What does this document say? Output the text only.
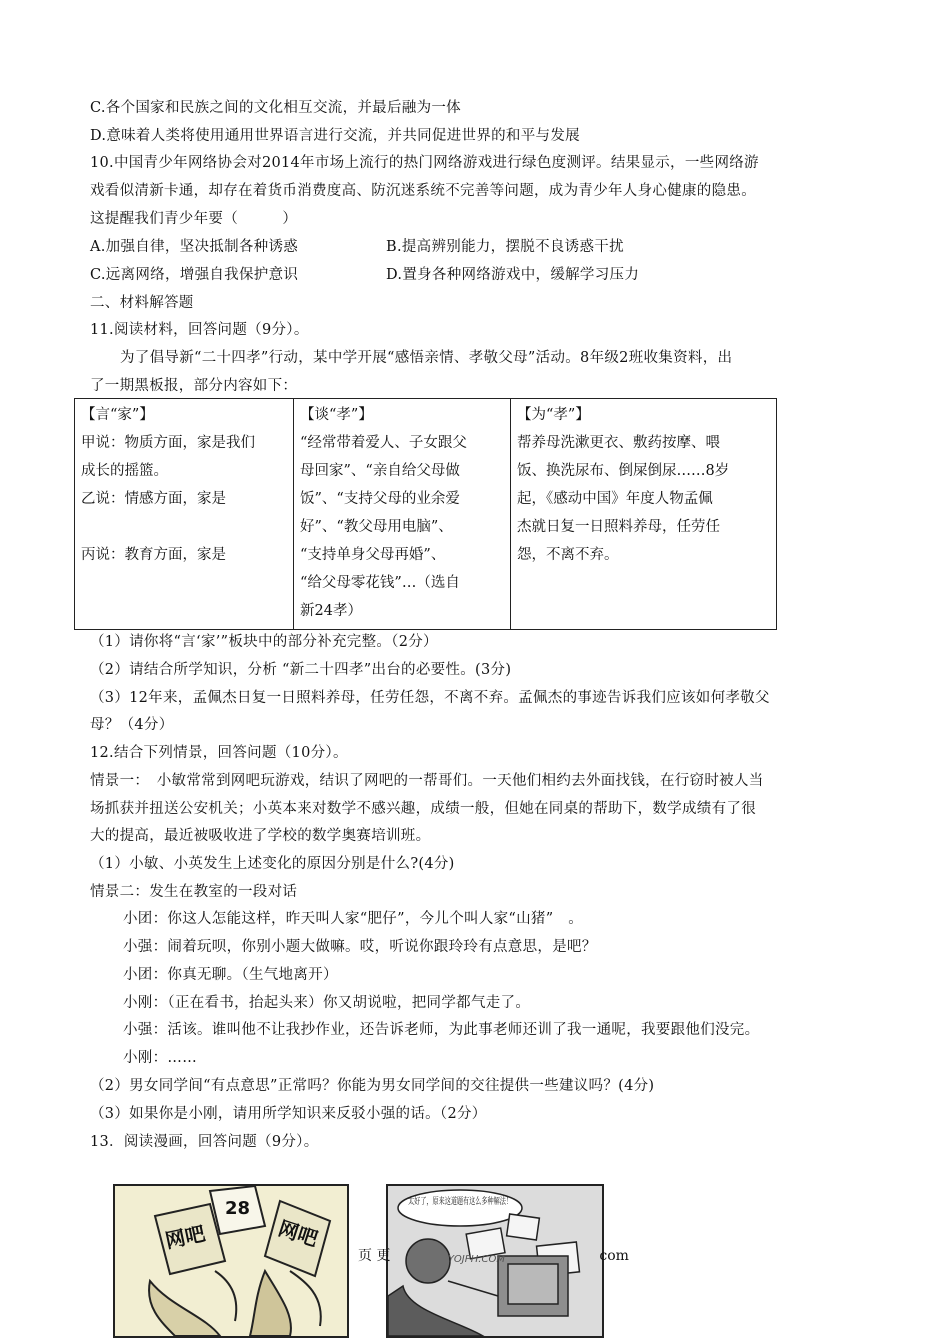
C.各个国家和民族之间的文化相互交流，并最后融为一体
D.意味着人类将使用通用世界语言进行交流，并共同促进世界的和平与发展
10.中国青少年网络协会对2014年市场上流行的热门网络游戏进行绿色度测评。结果显示，一些网络游
戏看似清新卡通，却存在着货币消费度高、防沉迷系统不完善等问题，成为青少年人身心健康的隐患。
这提醒我们青少年要（　　　）
A.加强自律，坚决抵制各种诱惑	B.提高辨别能力，摆脱不良诱惑干扰
C.远离网络，增强自我保护意识	D.置身各种网络游戏中，缓解学习压力
二、材料解答题
11.阅读材料，回答问题（9分）。
为了倡导新“二十四孝”行动，某中学开展“感悟亲情、孝敬父母”活动。8年级2班收集资料，出
了一期黑板报，部分内容如下：
【言“家”】
甲说：物质方面，家是我们
成长的摇篮。
乙说：情感方面，家是
丙说：教育方面，家是

【谈“孝”】
“经常带着爱人、子女跟父
母回家”、“亲自给父母做
饭”、“支持父母的业余爱
好”、“教父母用电脑”、
“支持单身父母再婚”、
“给父母零花钱”…（选自
新24孝）

【为“孝”】
帮养母洗漱更衣、敷药按摩、喂
饭、换洗尿布、倒屎倒尿……8岁
起，《感动中国》年度人物孟佩
杰就日复一日照料养母，任劳任
怨，不离不弃。
（1）请你将“言‘家’”板块中的部分补充完整。（2分）
（2）请结合所学知识，分析 “新二十四孝”出台的必要性。(3分)
（3）12年来，孟佩杰日复一日照料养母，任劳任怨，不离不弃。孟佩杰的事迹告诉我们应该如何孝敬父
母？（4分）
12.结合下列情景，回答问题（10分）。
情景一：　小敏常常到网吧玩游戏，结识了网吧的一帮哥们。一天他们相约去外面找钱，在行窃时被人当
场抓获并扭送公安机关；小英本来对数学不感兴趣，成绩一般，但她在同桌的帮助下，数学成绩有了很
大的提高，最近被吸收进了学校的数学奥赛培训班。
（1）小敏、小英发生上述变化的原因分别是什么?(4分)
情景二：发生在教室的一段对话
小团：你这人怎能这样，昨天叫人家“肥仔”，今儿个叫人家“山猪”　。
小强：闹着玩呗，你别小题大做嘛。哎，听说你跟玲玲有点意思，是吧？
小团：你真无聊。（生气地离开）
小刚：（正在看书，抬起头来）你又胡说啦，把同学都气走了。
小强：活该。谁叫他不让我抄作业，还告诉老师，为此事老师还训了我一通呢，我要跟他们没完。
小刚：……
（2）男女同学间“有点意思”正常吗？你能为男女同学间的交往提供一些建议吗？(4分)
（3）如果你是小刚，请用所学知识来反驳小强的话。（2分）
13．阅读漫画，回答问题（9分）。
28
网吧	网吧
太好了，原来这道题有这么多种解法！
YOJPH.COM
页 更	com
